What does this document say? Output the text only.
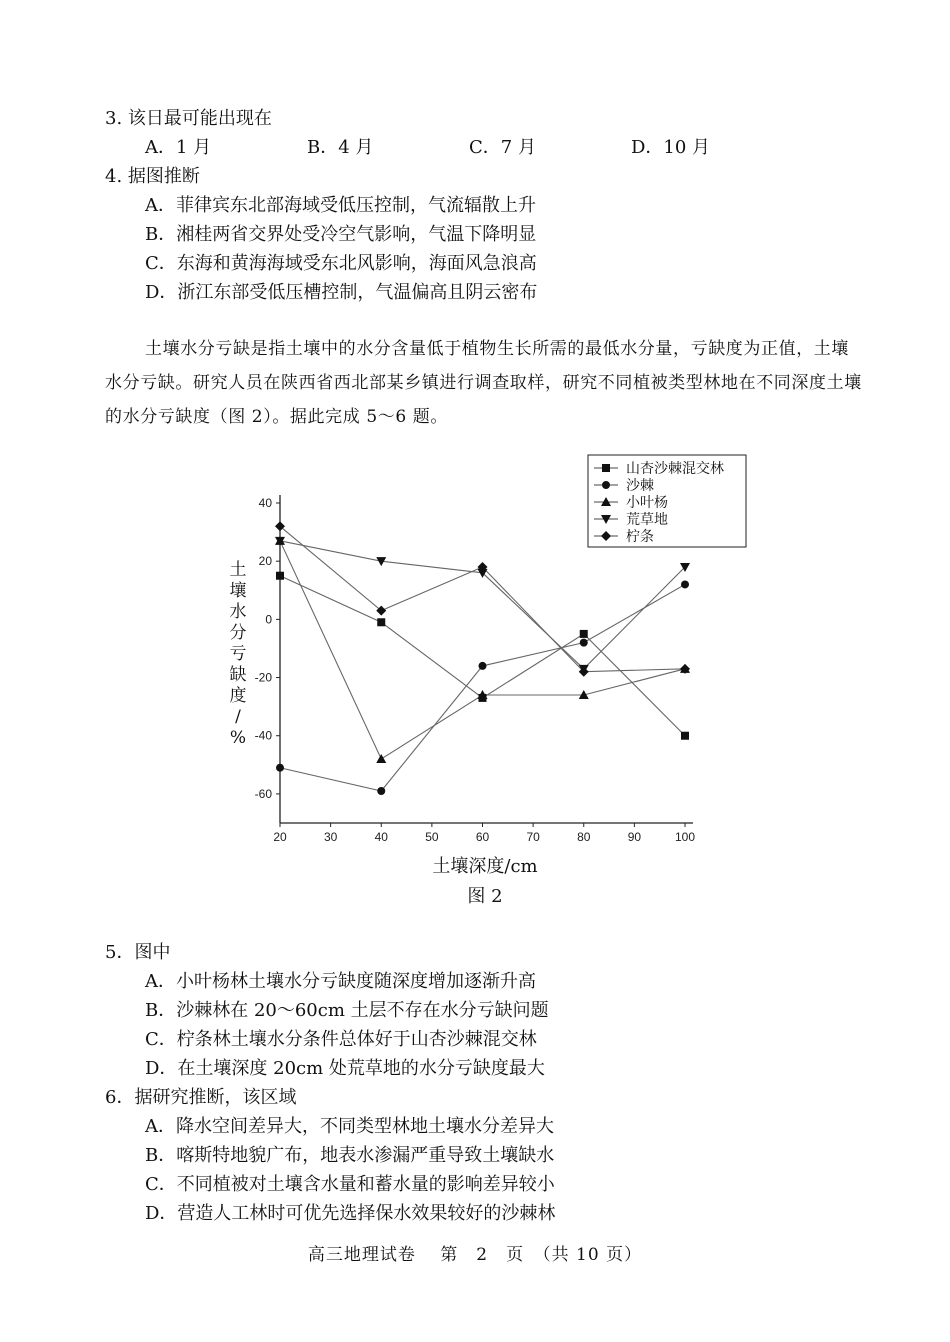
3. 该日最可能出现在
A．1 月	B．4 月	C．7 月	D．10 月
4. 据图推断
A．菲律宾东北部海域受低压控制，气流辐散上升
B．湘桂两省交界处受冷空气影响，气温下降明显
C．东海和黄海海域受东北风影响，海面风急浪高
D．浙江东部受低压槽控制，气温偏高且阴云密布
土壤水分亏缺是指土壤中的水分含量低于植物生长所需的最低水分量，亏缺度为正值，土壤水分亏缺。研究人员在陕西省西北部某乡镇进行调查取样，研究不同植被类型林地在不同深度土壤的水分亏缺度（图 2）。据此完成 5～6 题。
20	30	40	50	60	70	80	90	100
40
20
0
-20
-40
-60
山杏沙棘混交林
沙棘
小叶杨
荒草地
柠条
土壤水分亏缺度/ %
土壤深度/cm
图 2
5．图中
A．小叶杨林土壤水分亏缺度随深度增加逐渐升高
B．沙棘林在 20～60cm 土层不存在水分亏缺问题
C．柠条林土壤水分条件总体好于山杏沙棘混交林
D．在土壤深度 20cm 处荒草地的水分亏缺度最大
6．据研究推断，该区域
A．降水空间差异大，不同类型林地土壤水分差异大
B．喀斯特地貌广布，地表水渗漏严重导致土壤缺水
C．不同植被对土壤含水量和蓄水量的影响差异较小
D．营造人工林时可优先选择保水效果较好的沙棘林
高三地理试卷　 第　2　页　（共 10 页）
